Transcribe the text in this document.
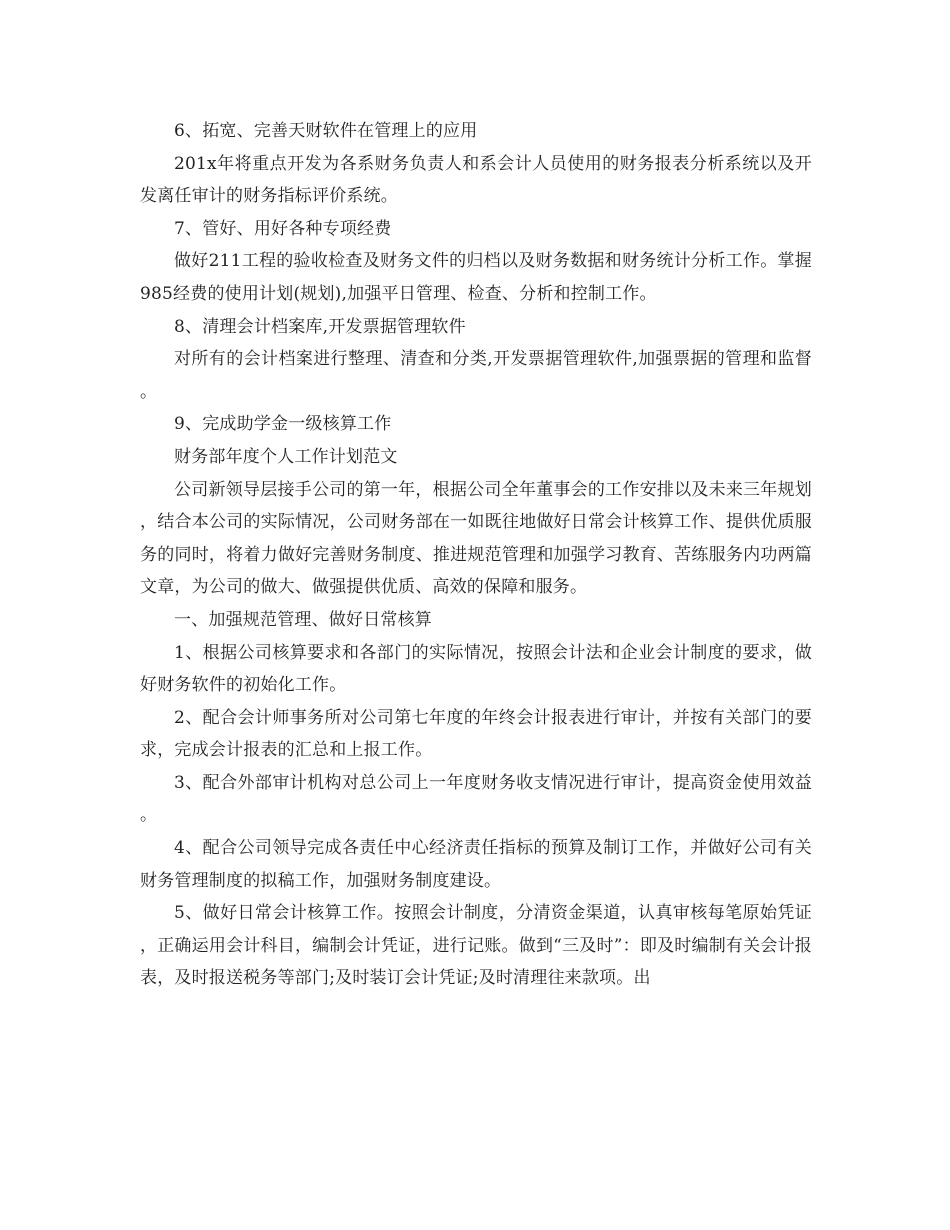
6、拓宽、完善天财软件在管理上的应用

201x年将重点开发为各系财务负责人和系会计人员使用的财务报表分析系统以及开发离任审计的财务指标评价系统。

7、管好、用好各种专项经费

做好211工程的验收检查及财务文件的归档以及财务数据和财务统计分析工作。掌握985经费的使用计划(规划),加强平日管理、检查、分析和控制工作。

8、清理会计档案库,开发票据管理软件

对所有的会计档案进行整理、清查和分类,开发票据管理软件,加强票据的管理和监督。

9、完成助学金一级核算工作

财务部年度个人工作计划范文

公司新领导层接手公司的第一年，根据公司全年董事会的工作安排以及未来三年规划，结合本公司的实际情况，公司财务部在一如既往地做好日常会计核算工作、提供优质服务的同时，将着力做好完善财务制度、推进规范管理和加强学习教育、苦练服务内功两篇文章，为公司的做大、做强提供优质、高效的保障和服务。

一、加强规范管理、做好日常核算

1、根据公司核算要求和各部门的实际情况，按照会计法和企业会计制度的要求，做好财务软件的初始化工作。

2、配合会计师事务所对公司第七年度的年终会计报表进行审计，并按有关部门的要求，完成会计报表的汇总和上报工作。

3、配合外部审计机构对总公司上一年度财务收支情况进行审计，提高资金使用效益。

4、配合公司领导完成各责任中心经济责任指标的预算及制订工作，并做好公司有关财务管理制度的拟稿工作，加强财务制度建设。

5、做好日常会计核算工作。按照会计制度，分清资金渠道，认真审核每笔原始凭证，正确运用会计科目，编制会计凭证，进行记账。做到“三及时”：即及时编制有关会计报表，及时报送税务等部门;及时装订会计凭证;及时清理往来款项。出
